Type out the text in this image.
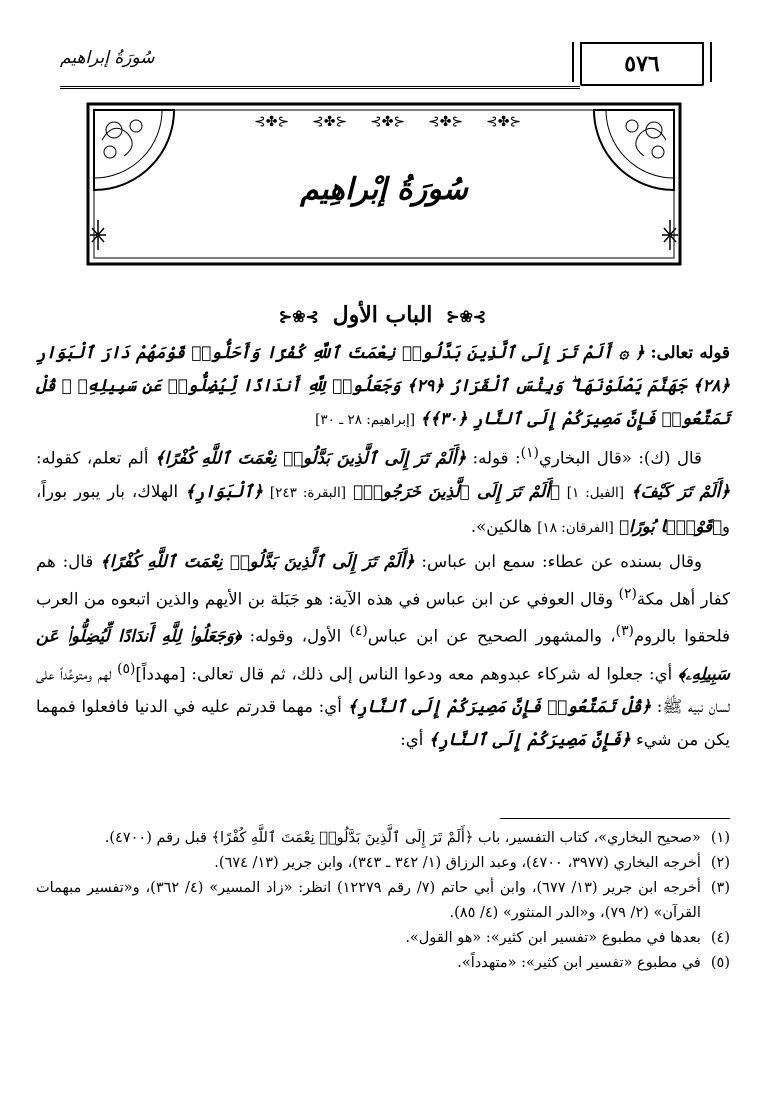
سُورَةُ إبراهيم	٥٧٦
⊰✤⊱ ⊰✤⊱ ⊰✤⊱ ⊰✤⊱ ⊰✤⊱
سُورَةُ إبْراهِيم
⊱❀⊰ الباب الأول ⊱❀⊰

قوله تعالى: ﴿ ۞ أَلَمْ تَرَ إِلَى ٱلَّذِينَ بَدَّلُوا۟ نِعْمَتَ ٱللَّهِ كُفْرًا وَأَحَلُّوا۟ قَوْمَهُمْ دَارَ ٱلْبَوَارِ ﴿٢٨﴾ جَهَنَّمَ يَصْلَوْنَهَا ۖ وَبِئْسَ ٱلْقَرَارُ ﴿٢٩﴾ وَجَعَلُوا۟ لِلَّهِ أَندَادًا لِّيُضِلُّوا۟ عَن سَبِيلِهِۦ ۗ قُلْ تَمَتَّعُوا۟ فَإِنَّ مَصِيرَكُمْ إِلَى ٱلنَّارِ ﴿٣٠﴾﴾ [إبراهيم: ٢٨ ـ ٣٠]

قال (ك): «قال البخاري$^{(١)}$: قوله: ﴿أَلَمْ تَرَ إِلَى ٱلَّذِينَ بَدَّلُوا۟ نِعْمَتَ ٱللَّهِ كُفْرًا﴾ ألم تعلم، كقوله: ﴿أَلَمْ تَرَ كَيْفَ﴾ [الفيل: ١] ﴿أَلَمْ تَرَ إِلَى ٱلَّذِينَ خَرَجُوا۟﴾ [البقرة: ٢٤٣] ﴿ٱلْبَوَارِ﴾ الهلاك، بار يبور بوراً، و﴿قَوْمًۢا بُورًا﴾ [الفرقان: ١٨] هالكين».

وقال بسنده عن عطاء: سمع ابن عباس: ﴿أَلَمْ تَرَ إِلَى ٱلَّذِينَ بَدَّلُوا۟ نِعْمَتَ ٱللَّهِ كُفْرًا﴾ قال: هم كفار أهل مكة$^{(٢)}$ وقال العوفي عن ابن عباس في هذه الآية: هو جَبَلة بن الأيهم والذين اتبعوه من العرب فلحقوا بالروم$^{(٣)}$، والمشهور الصحيح عن ابن عباس$^{(٤)}$ الأول، وقوله: ﴿وَجَعَلُوا۟ لِلَّهِ أَندَادًا لِّيُضِلُّوا۟ عَن سَبِيلِهِۦ﴾ أي: جعلوا له شركاء عبدوهم معه ودعوا الناس إلى ذلك، ثم قال تعالى: [مهدداً]$^{(٥)}$ لهم ومتوعِّداً على لسان نبيه ﷺ: ﴿قُلْ تَمَتَّعُوا۟ فَإِنَّ مَصِيرَكُمْ إِلَى ٱلنَّارِ﴾ أي: مهما قدرتم عليه في الدنيا فافعلوا فمهما يكن من شيء ﴿فَإِنَّ مَصِيرَكُمْ إِلَى ٱلنَّارِ﴾ أي:

(١)
«صحيح البخاري»، كتاب التفسير، باب ﴿أَلَمْ تَرَ إِلَى ٱلَّذِينَ بَدَّلُوا۟ نِعْمَتَ ٱللَّهِ كُفْرًا﴾ قبل رقم (٤٧٠٠).
(٢)
أخرجه البخاري (٣٩٧٧، ٤٧٠٠)، وعبد الرزاق (١/ ٣٤٢ ـ ٣٤٣)، وابن جرير (١٣/ ٦٧٤).
(٣)
أخرجه ابن جرير (١٣/ ٦٧٧)، وابن أبي حاتم (٧/ رقم ١٢٢٧٩) انظر: «زاد المسير» (٤/ ٣٦٢)، و«تفسير مبهمات القرآن» (٢/ ٧٩)، و«الدر المنثور» (٤/ ٨٥).
(٤)
بعدها في مطبوع «تفسير ابن كثير»: «هو القول».
(٥)
في مطبوع «تفسير ابن كثير»: «متهدداً».
